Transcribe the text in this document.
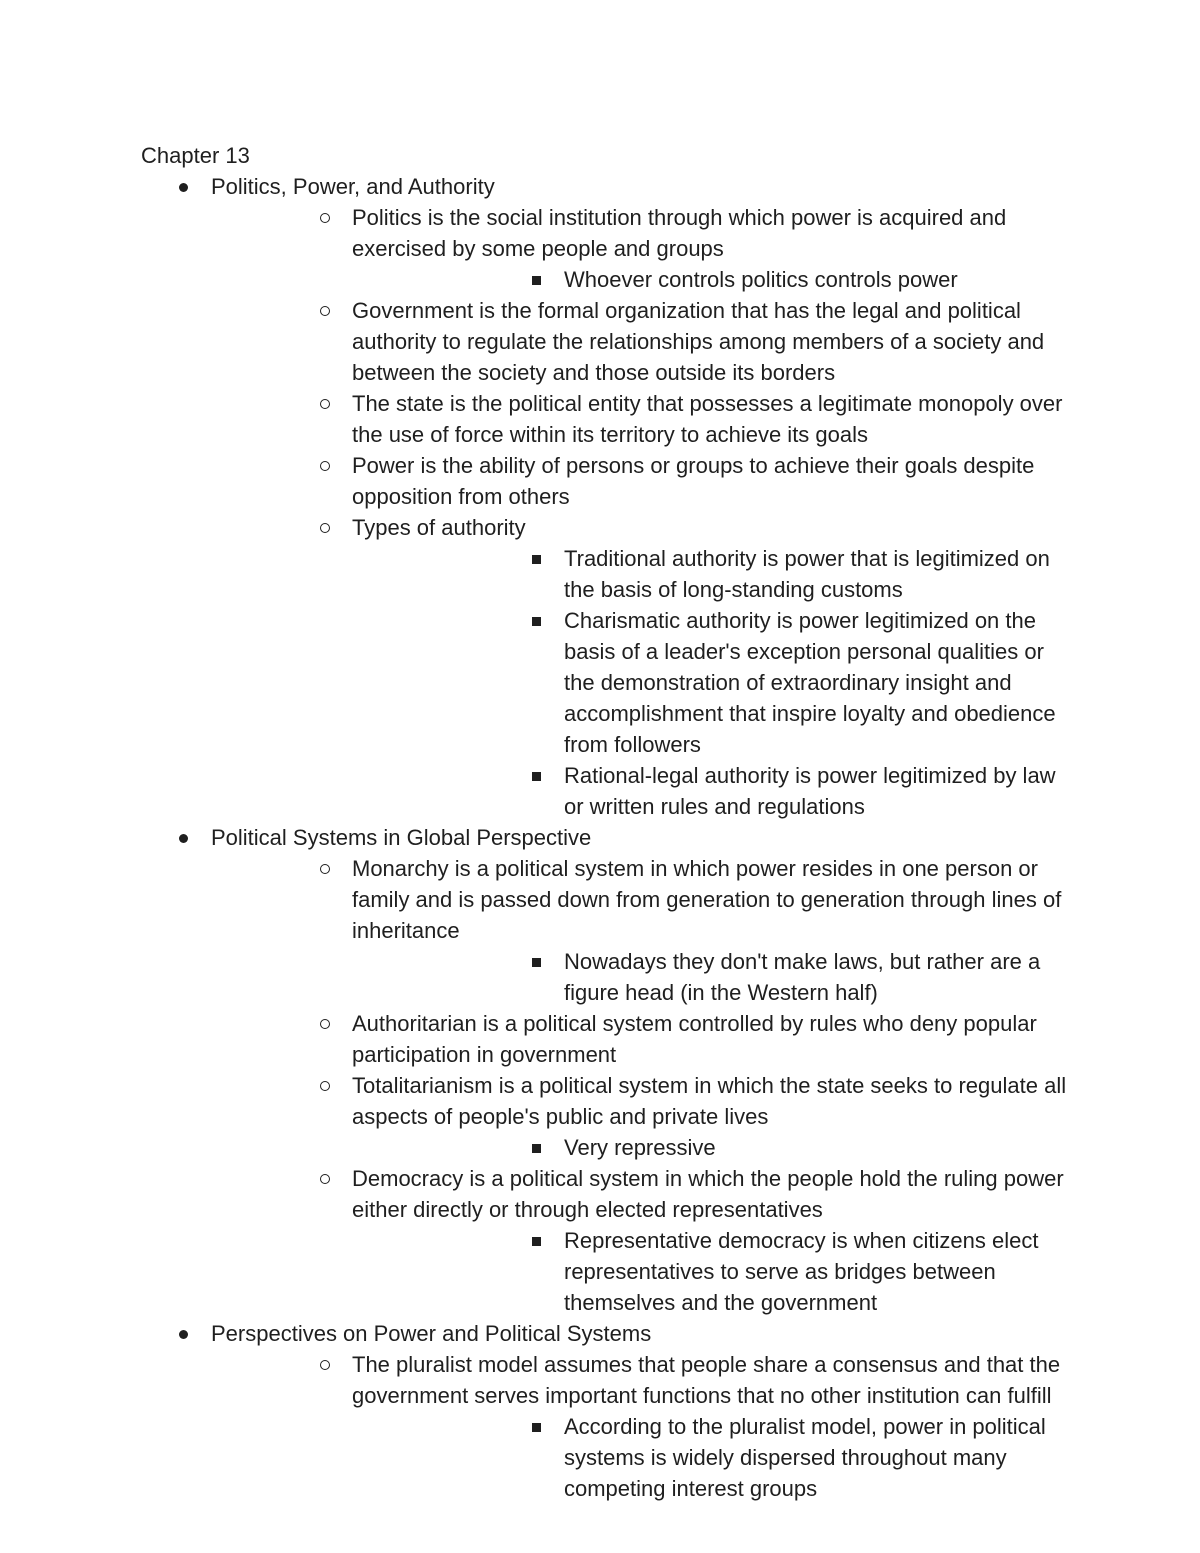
Chapter 13
Politics, Power, and Authority
Politics is the social institution through which power is acquired and exercised by some people and groups
Whoever controls politics controls power
Government is the formal organization that has the legal and political authority to regulate the relationships among members of a society and between the society and those outside its borders
The state is the political entity that possesses a legitimate monopoly over the use of force within its territory to achieve its goals
Power is the ability of persons or groups to achieve their goals despite opposition from others
Types of authority
Traditional authority is power that is legitimized on the basis of long-standing customs
Charismatic authority is power legitimized on the basis of a leader's exception personal qualities or the demonstration of extraordinary insight and accomplishment that inspire loyalty and obedience from followers
Rational-legal authority is power legitimized by law or written rules and regulations
Political Systems in Global Perspective
Monarchy is a political system in which power resides in one person or family and is passed down from generation to generation through lines of inheritance
Nowadays they don't make laws, but rather are a figure head (in the Western half)
Authoritarian is a political system controlled by rules who deny popular participation in government
Totalitarianism is a political system in which the state seeks to regulate all aspects of people's public and private lives
Very repressive
Democracy is a political system in which the people hold the ruling power either directly or through elected representatives
Representative democracy is when citizens elect representatives to serve as bridges between themselves and the government
Perspectives on Power and Political Systems
The pluralist model assumes that people share a consensus and that the government serves important functions that no other institution can fulfill
According to the pluralist model, power in political systems is widely dispersed throughout many competing interest groups
